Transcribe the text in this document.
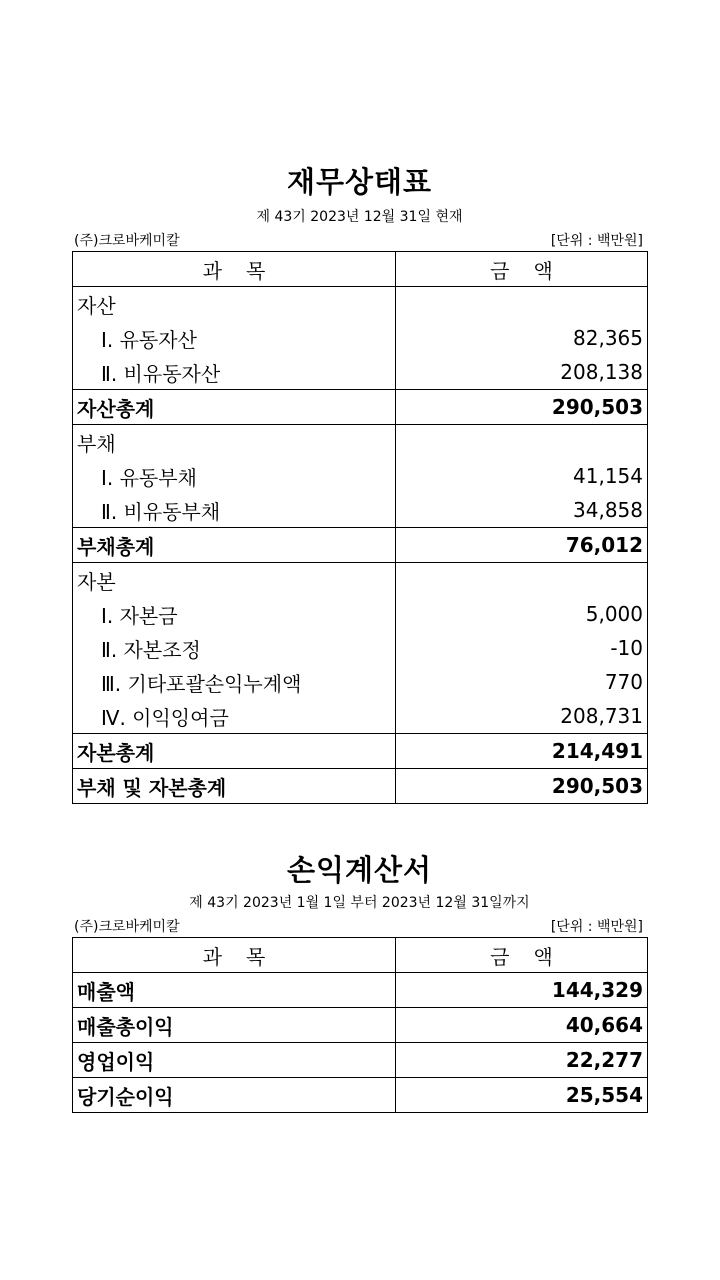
재무상태표
제 43기 2023년 12월 31일 현재
(주)크로바케미칼	[단위 : 백만원]
과목	금액
자산	
Ⅰ. 유동자산	82,365
Ⅱ. 비유동자산	208,138
자산총계	290,503
부채	
Ⅰ. 유동부채	41,154
Ⅱ. 비유동부채	34,858
부채총계	76,012
자본	
Ⅰ. 자본금	5,000
Ⅱ. 자본조정	-10
Ⅲ. 기타포괄손익누계액	770
Ⅳ. 이익잉여금	208,731
자본총계	214,491
부채 및 자본총계	290,503
손익계산서
제 43기 2023년 1월 1일 부터 2023년 12월 31일까지
(주)크로바케미칼	[단위 : 백만원]
과목	금액
매출액	144,329
매출총이익	40,664
영업이익	22,277
당기순이익	25,554
